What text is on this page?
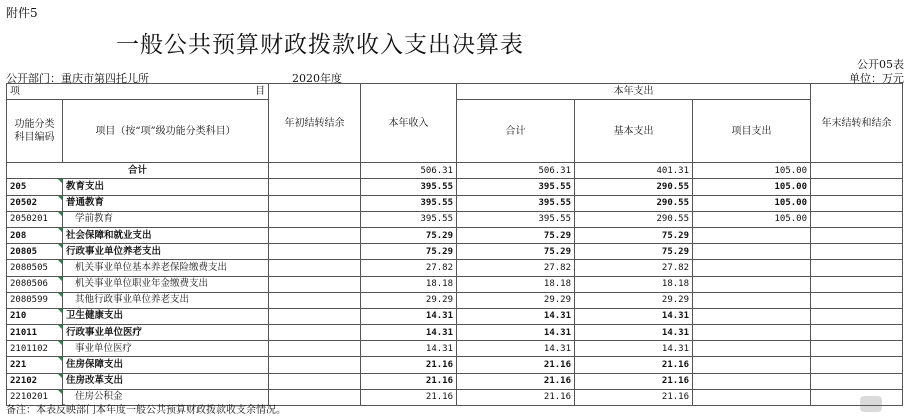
附件5
一般公共预算财政拨款收入支出决算表
公开05表
公开部门：重庆市第四托儿所	2020年度	单位：万元
项 目		年初结转结余	本年收入	本年支出			年末结转和结余
功能分类科目编码	项目（按“项”级功能分类科目）			合计	基本支出	项目支出	

合计			506.31	506.31	401.31	105.00	
205	教育支出		395.55	395.55	290.55	105.00	
20502	普通教育		395.55	395.55	290.55	105.00	
2050201	学前教育		395.55	395.55	290.55	105.00	
208	社会保障和就业支出		75.29	75.29	75.29		
20805	行政事业单位养老支出		75.29	75.29	75.29		
2080505	机关事业单位基本养老保险缴费支出		27.82	27.82	27.82		
2080506	机关事业单位职业年金缴费支出		18.18	18.18	18.18		
2080599	其他行政事业单位养老支出		29.29	29.29	29.29		
210	卫生健康支出		14.31	14.31	14.31		
21011	行政事业单位医疗		14.31	14.31	14.31		
2101102	事业单位医疗		14.31	14.31	14.31		
221	住房保障支出		21.16	21.16	21.16		
22102	住房改革支出		21.16	21.16	21.16		
2210201	住房公积金		21.16	21.16	21.16		
备注：本表反映部门本年度一般公共预算财政拨款收支余情况。
